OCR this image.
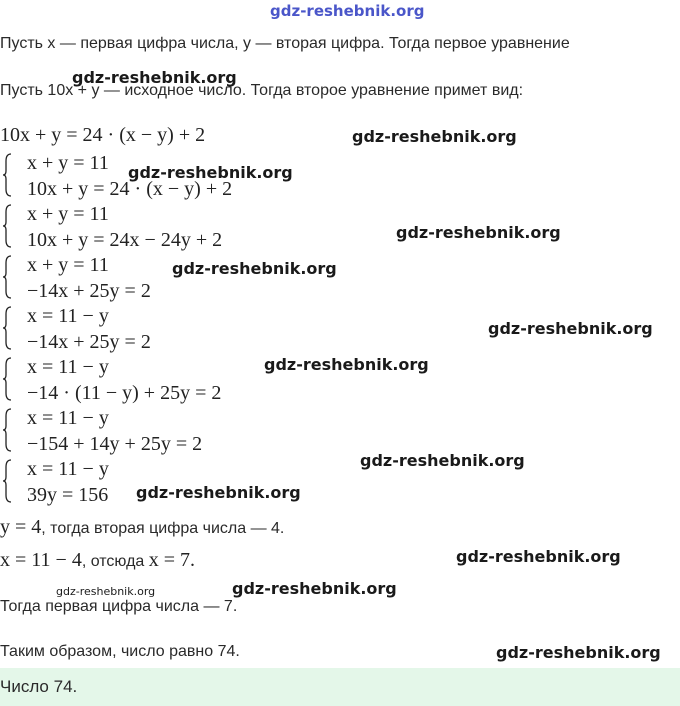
gdz-reshebnik.org
Пусть x — первая цифра числа, y — вторая цифра. Тогда первое уравнение
Пусть 10x + y — исходное число. Тогда второе уравнение примет вид:
10x + y = 24 · (x − y) + 2
x + y = 11
10x + y = 24 · (x − y) + 2
x + y = 11
10x + y = 24x − 24y + 2
x + y = 11
−14x + 25y = 2
x = 11 − y
−14x + 25y = 2
x = 11 − y
−14 · (11 − y) + 25y = 2
x = 11 − y
−154 + 14y + 25y = 2
x = 11 − y
39y = 156
y = 4, тогда вторая цифра числа — 4.
x = 11 − 4, отсюда x = 7.
Тогда первая цифра числа — 7.
Таким образом, число равно 74.
Число 74.
gdz-reshebnik.org
gdz-reshebnik.org
gdz-reshebnik.org
gdz-reshebnik.org
gdz-reshebnik.org
gdz-reshebnik.org
gdz-reshebnik.org
gdz-reshebnik.org
gdz-reshebnik.org
gdz-reshebnik.org
gdz-reshebnik.org	gdz-reshebnik.org
gdz-reshebnik.org
